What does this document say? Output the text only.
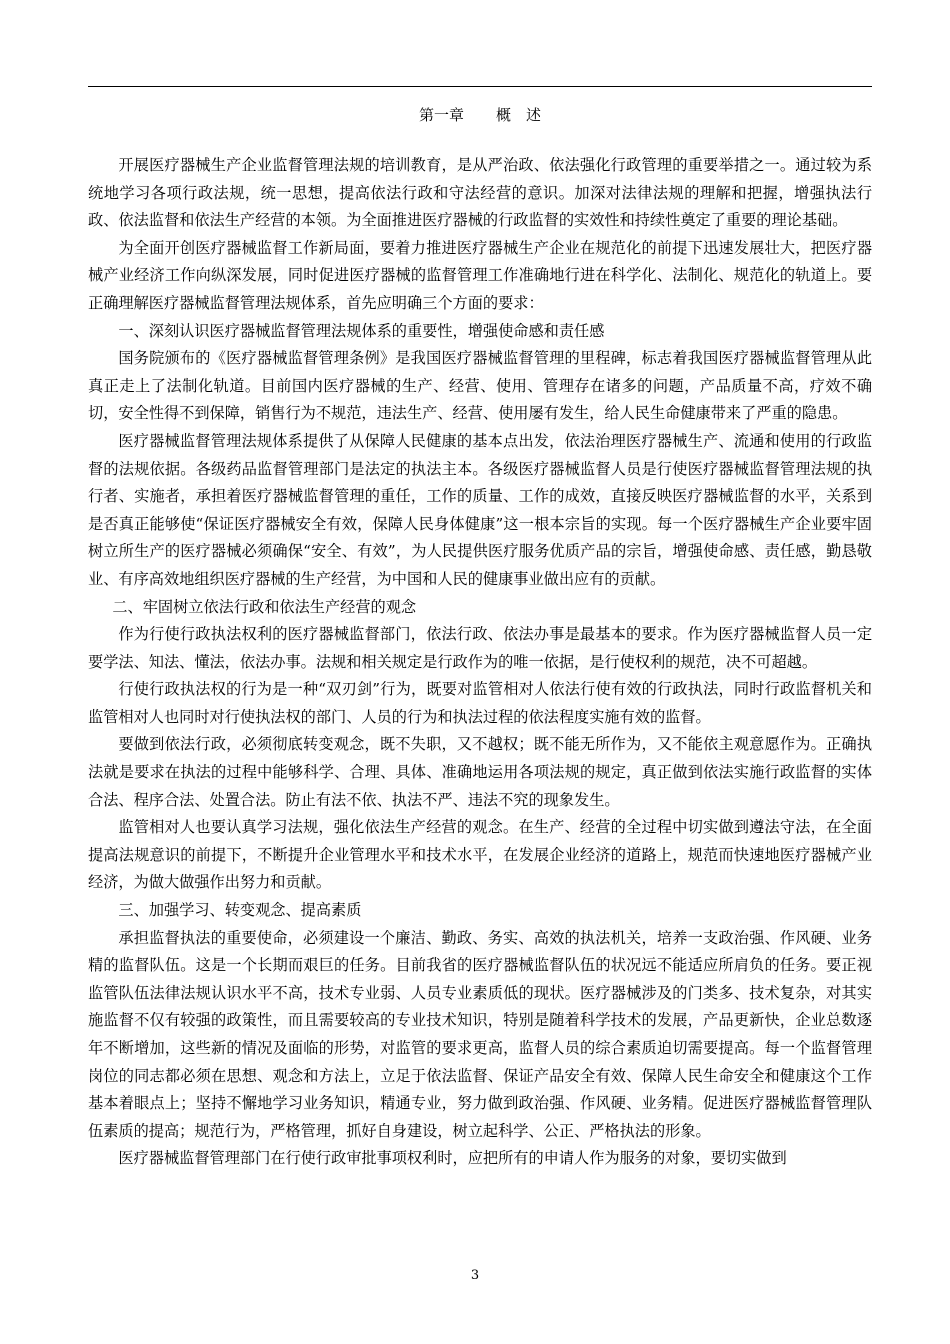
第一章 概　述

开展医疗器械生产企业监督管理法规的培训教育，是从严治政、依法强化行政管理的重要举措之一。通过较为系统地学习各项行政法规，统一思想，提高依法行政和守法经营的意识。加深对法律法规的理解和把握，增强执法行政、依法监督和依法生产经营的本领。为全面推进医疗器械的行政监督的实效性和持续性奠定了重要的理论基础。

为全面开创医疗器械监督工作新局面，要着力推进医疗器械生产企业在规范化的前提下迅速发展壮大，把医疗器械产业经济工作向纵深发展，同时促进医疗器械的监督管理工作准确地行进在科学化、法制化、规范化的轨道上。要正确理解医疗器械监督管理法规体系，首先应明确三个方面的要求：

一、深刻认识医疗器械监督管理法规体系的重要性，增强使命感和责任感

国务院颁布的《医疗器械监督管理条例》是我国医疗器械监督管理的里程碑，标志着我国医疗器械监督管理从此真正走上了法制化轨道。目前国内医疗器械的生产、经营、使用、管理存在诸多的问题，产品质量不高，疗效不确切，安全性得不到保障，销售行为不规范，违法生产、经营、使用屡有发生，给人民生命健康带来了严重的隐患。

医疗器械监督管理法规体系提供了从保障人民健康的基本点出发，依法治理医疗器械生产、流通和使用的行政监督的法规依据。各级药品监督管理部门是法定的执法主本。各级医疗器械监督人员是行使医疗器械监督管理法规的执行者、实施者，承担着医疗器械监督管理的重任，工作的质量、工作的成效，直接反映医疗器械监督的水平，关系到是否真正能够使“保证医疗器械安全有效，保障人民身体健康”这一根本宗旨的实现。每一个医疗器械生产企业要牢固树立所生产的医疗器械必须确保“安全、有效”，为人民提供医疗服务优质产品的宗旨，增强使命感、责任感，勤恳敬业、有序高效地组织医疗器械的生产经营，为中国和人民的健康事业做出应有的贡献。

二、牢固树立依法行政和依法生产经营的观念

作为行使行政执法权利的医疗器械监督部门，依法行政、依法办事是最基本的要求。作为医疗器械监督人员一定要学法、知法、懂法，依法办事。法规和相关规定是行政作为的唯一依据，是行使权利的规范，决不可超越。

行使行政执法权的行为是一种“双刃剑”行为，既要对监管相对人依法行使有效的行政执法，同时行政监督机关和监管相对人也同时对行使执法权的部门、人员的行为和执法过程的依法程度实施有效的监督。

要做到依法行政，必须彻底转变观念，既不失职，又不越权；既不能无所作为，又不能依主观意愿作为。正确执法就是要求在执法的过程中能够科学、合理、具体、准确地运用各项法规的规定，真正做到依法实施行政监督的实体合法、程序合法、处置合法。防止有法不依、执法不严、违法不究的现象发生。

监管相对人也要认真学习法规，强化依法生产经营的观念。在生产、经营的全过程中切实做到遵法守法，在全面提高法规意识的前提下，不断提升企业管理水平和技术水平，在发展企业经济的道路上，规范而快速地医疗器械产业经济，为做大做强作出努力和贡献。

三、加强学习、转变观念、提高素质

承担监督执法的重要使命，必须建设一个廉洁、勤政、务实、高效的执法机关，培养一支政治强、作风硬、业务精的监督队伍。这是一个长期而艰巨的任务。目前我省的医疗器械监督队伍的状况远不能适应所肩负的任务。要正视监管队伍法律法规认识水平不高，技术专业弱、人员专业素质低的现状。医疗器械涉及的门类多、技术复杂，对其实施监督不仅有较强的政策性，而且需要较高的专业技术知识，特别是随着科学技术的发展，产品更新快，企业总数逐年不断增加，这些新的情况及面临的形势，对监管的要求更高，监督人员的综合素质迫切需要提高。每一个监督管理岗位的同志都必须在思想、观念和方法上，立足于依法监督、保证产品安全有效、保障人民生命安全和健康这个工作基本着眼点上；坚持不懈地学习业务知识，精通专业，努力做到政治强、作风硬、业务精。促进医疗器械监督管理队伍素质的提高；规范行为，严格管理，抓好自身建设，树立起科学、公正、严格执法的形象。

医疗器械监督管理部门在行使行政审批事项权利时，应把所有的申请人作为服务的对象，要切实做到

3
